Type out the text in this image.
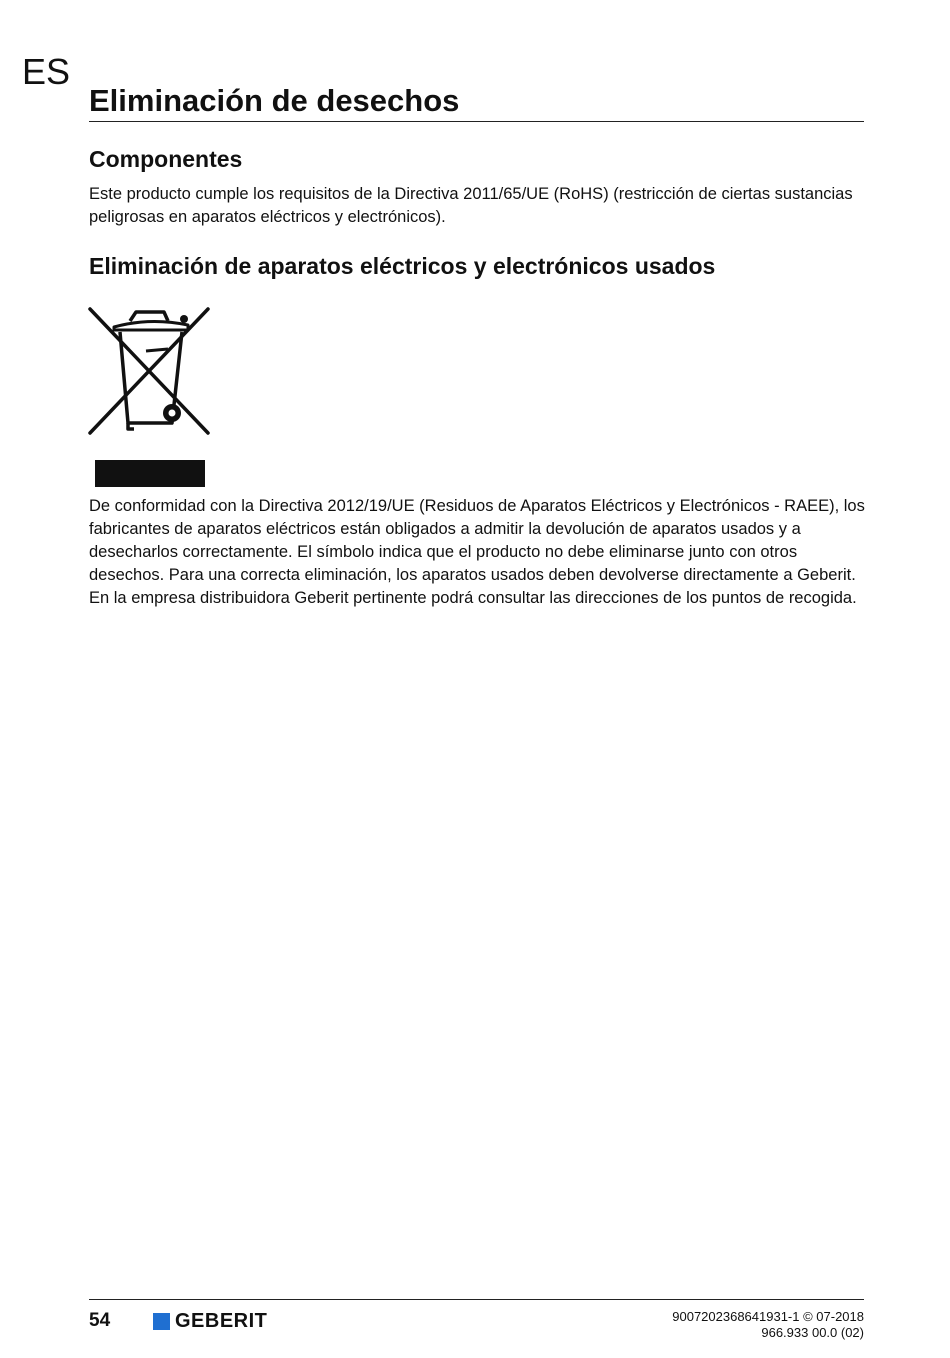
ES
Eliminación de desechos
Componentes

Este producto cumple los requisitos de la Directiva 2011/65/UE (RoHS) (restricción de ciertas sustancias peligrosas en aparatos eléctricos y electrónicos).

Eliminación de aparatos eléctricos y electrónicos usados

De conformidad con la Directiva 2012/19/UE (Residuos de Aparatos Eléctricos y Electrónicos - RAEE), los fabricantes de aparatos eléctricos están obligados a admitir la devolución de aparatos usados y a desecharlos correctamente. El símbolo indica que el producto no debe eliminarse junto con otros desechos. Para una correcta eliminación, los aparatos usados deben devolverse directamente a Geberit. En la empresa distribuidora Geberit pertinente podrá consultar las direcciones de los puntos de recogida.

54	GEBERIT	9007202368641931-1 © 07-2018
966.933 00.0 (02)
